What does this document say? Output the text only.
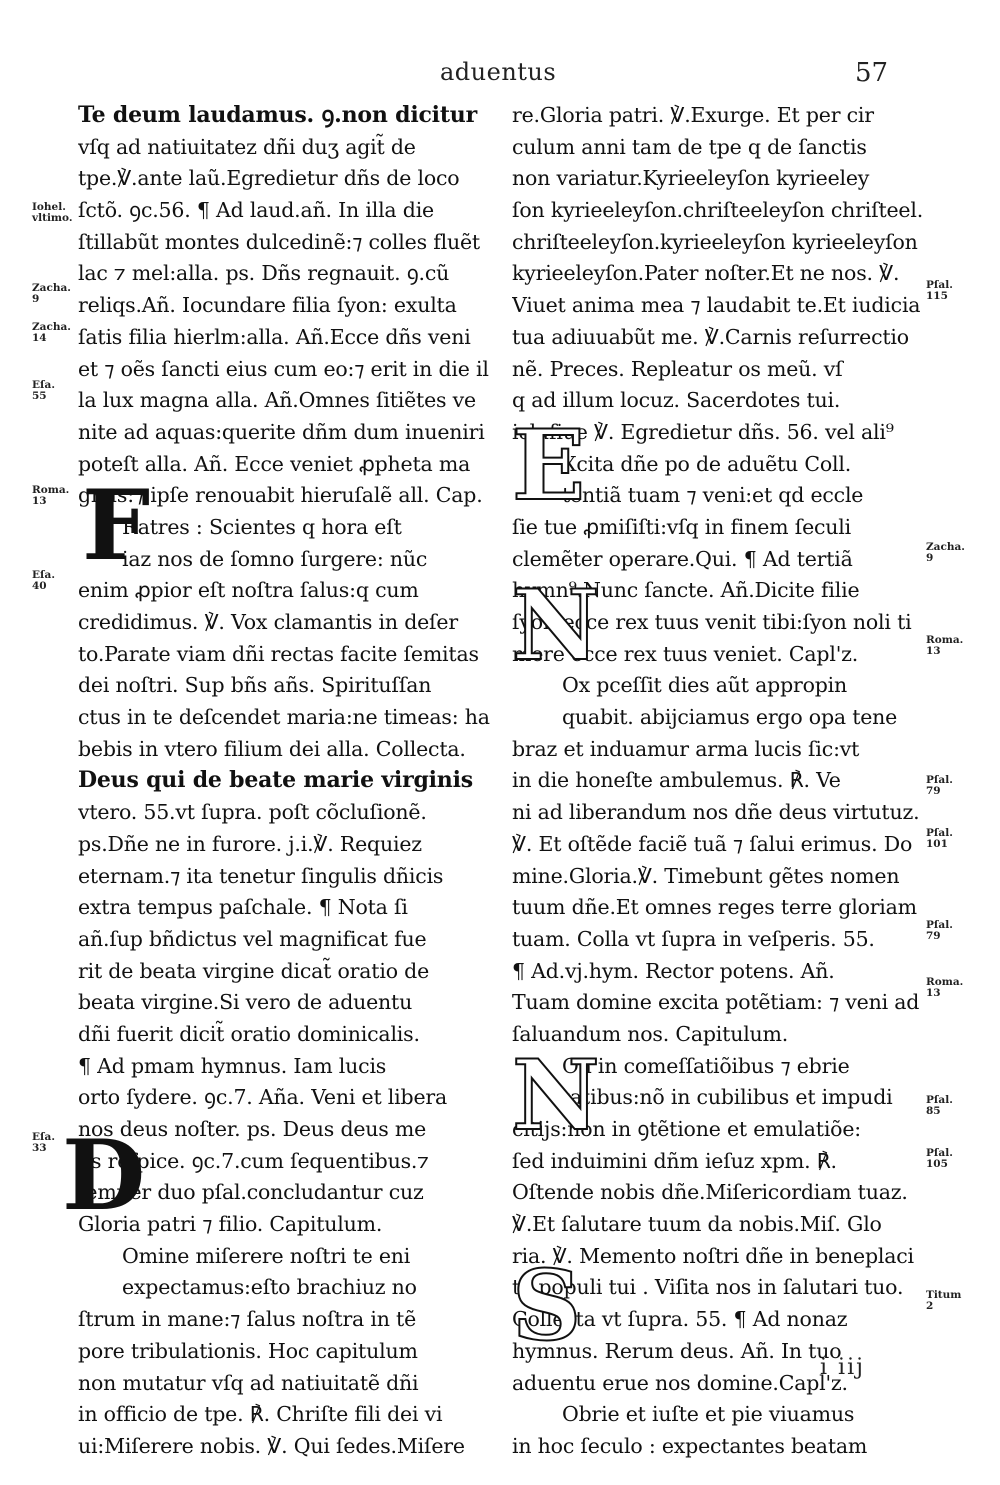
aduentus	57
Te deum laudamus. ꝯ.non dicitur
vſq ad natiuitatez dñi duʒ agit̃ de
tpe.℣.ante laũ.Egredietur dñs de loco
ſctõ. ꝯc.56. ¶ Ad laud.añ. In illa die
ſtillabũt montes dulcedinẽ:⁊ colles fluẽt
lac ⁊ mel:alla. ps. Dñs regnauit. ꝯ.cũ
reliqs.Añ. Iocundare filia ſyon: exulta
ſatis filia hierlm:alla. Añ.Ecce dñs veni
et ⁊ oẽs ſancti eius cum eo:⁊ erit in die il
la lux magna alla. Añ.Omnes ſitiẽtes ve
nite ad aquas:querite dñm dum inueniri
poteſt alla. Añ. Ecce veniet ꝓpheta ma
gnus:⁊ ipſe renouabit hieruſalẽ all. Cap.
Ratres : Scientes q hora eſt
iaz nos de ſomno ſurgere: nũc
enim ꝓpior eſt noſtra ſalus:q cum
credidimus. ℣. Vox clamantis in deſer
to.Parate viam dñi rectas facite ſemitas
dei noſtri. Sup bñs añs. Spirituſſan
ctus in te deſcendet maria:ne timeas: ha
bebis in vtero filium dei alla. Collecta.
Deus qui de beate marie virginis
vtero. 55.vt ſupra. poſt cõcluſionẽ.
ps.Dñe ne in furore. j.i.℣. Requiez
eternam.⁊ ita tenetur ſingulis dñicis
extra tempus paſchale. ¶ Nota ſi
añ.ſup bñdictus vel magnificat fue
rit de beata virgine dicat̃ oratio de
beata virgine.Si vero de aduentu
dñi fuerit dicit̃ oratio dominicalis.
¶ Ad pmam hymnus. Iam lucis
orto ſydere. ꝯc.7. Aña. Veni et libera
nos deus noſter. ps. Deus deus me
us reſpice. ꝯc.7.cum ſequentibus.⁊
ſemper duo pſal.concludantur cuz
Gloria patri ⁊ filio. Capitulum.
Omine miſerere noſtri te eni
expectamus:eſto brachiuz no
ſtrum in mane:⁊ ſalus noſtra in tẽ
pore tribulationis. Hoc capitulum
non mutatur vſq ad natiuitatẽ dñi
in officio de tpe. ℟. Chriſte fili dei vi
ui:Miſerere nobis. ℣. Qui ſedes.Miſere
re.Gloria patri. ℣.Exurge. Et per cir
culum anni tam de tpe q de ſanctis
non variatur.Kyrieeleyſon kyrieeley
ſon kyrieeleyſon.chriſteeleyſon chriſteel.
chriſteeleyſon.kyrieeleyſon kyrieeleyſon
kyrieeleyſon.Pater noſter.Et ne nos. ℣.
Viuet anima mea ⁊ laudabit te.Et iudicia
tua adiuuabũt me. ℣.Carnis reſurrectio
nẽ. Preces. Repleatur os meũ. vſ
q ad illum locuz. Sacerdotes tui.
icluſiue ℣. Egredietur dñs. 56. vel ali⁹
Xcita dñe po de aduẽtu Coll.
tentiã tuam ⁊ veni:et qd eccle
ſie tue ꝓmiſiſti:vſq in finem ſeculi
clemẽter operare.Qui. ¶ Ad tertiã
hymn⁹.Nunc ſancte. Añ.Dicite filie
ſyon:ecce rex tuus venit tibi:ſyon noli ti
mere ecce rex tuus veniet. Capl'z.
Ox pceſſit dies aũt appropin
quabit. abijciamus ergo opa tene
braz et induamur arma lucis ſic:vt
in die honeſte ambulemus. ℟. Ve
ni ad liberandum nos dñe deus virtutuz.
℣. Et oſtẽde faciẽ tuã ⁊ ſalui erimus. Do
mine.Gloria.℣. Timebunt gẽtes nomen
tuum dñe.Et omnes reges terre gloriam
tuam. Colla vt ſupra in veſperis. 55.
¶ Ad.vj.hym. Rector potens. Añ.
Tuam domine excita potẽtiam: ⁊ veni ad
ſaluandum nos. Capitulum.
On in comeſſatiõibus ⁊ ebrie
tatibus:nõ in cubilibus et impudi
citijs:non in ꝯtẽtione et emulatiõe:
ſed induimini dñm ieſuz xpm. ℟.
Oſtende nobis dñe.Miſericordiam tuaz.
℣.Et ſalutare tuum da nobis.Miſ. Glo
ria. ℣. Memento noſtri dñe in beneplaci
to populi tui . Viſita nos in ſalutari tuo.
Collecta vt ſupra. 55. ¶ Ad nonaz
hymnus. Rerum deus. Añ. In tuo
aduentu erue nos domine.Capl'z.
Obrie et iuſte et pie viuamus
in hoc ſeculo : expectantes beatam
Iohel.
vltimo.
Zacha.
9
Zacha.
14
Eſa.
55
Roma.
13
Eſa.
40
Eſa.
33
Pſal.
115
Zacha.
9
Roma.
13
Pſal.
79
Pſal.
101
Pſal.
79
Roma.
13
Pſal.
85
Pſal.
105
Titum
2
F
D
E
N
N
S
i iij
